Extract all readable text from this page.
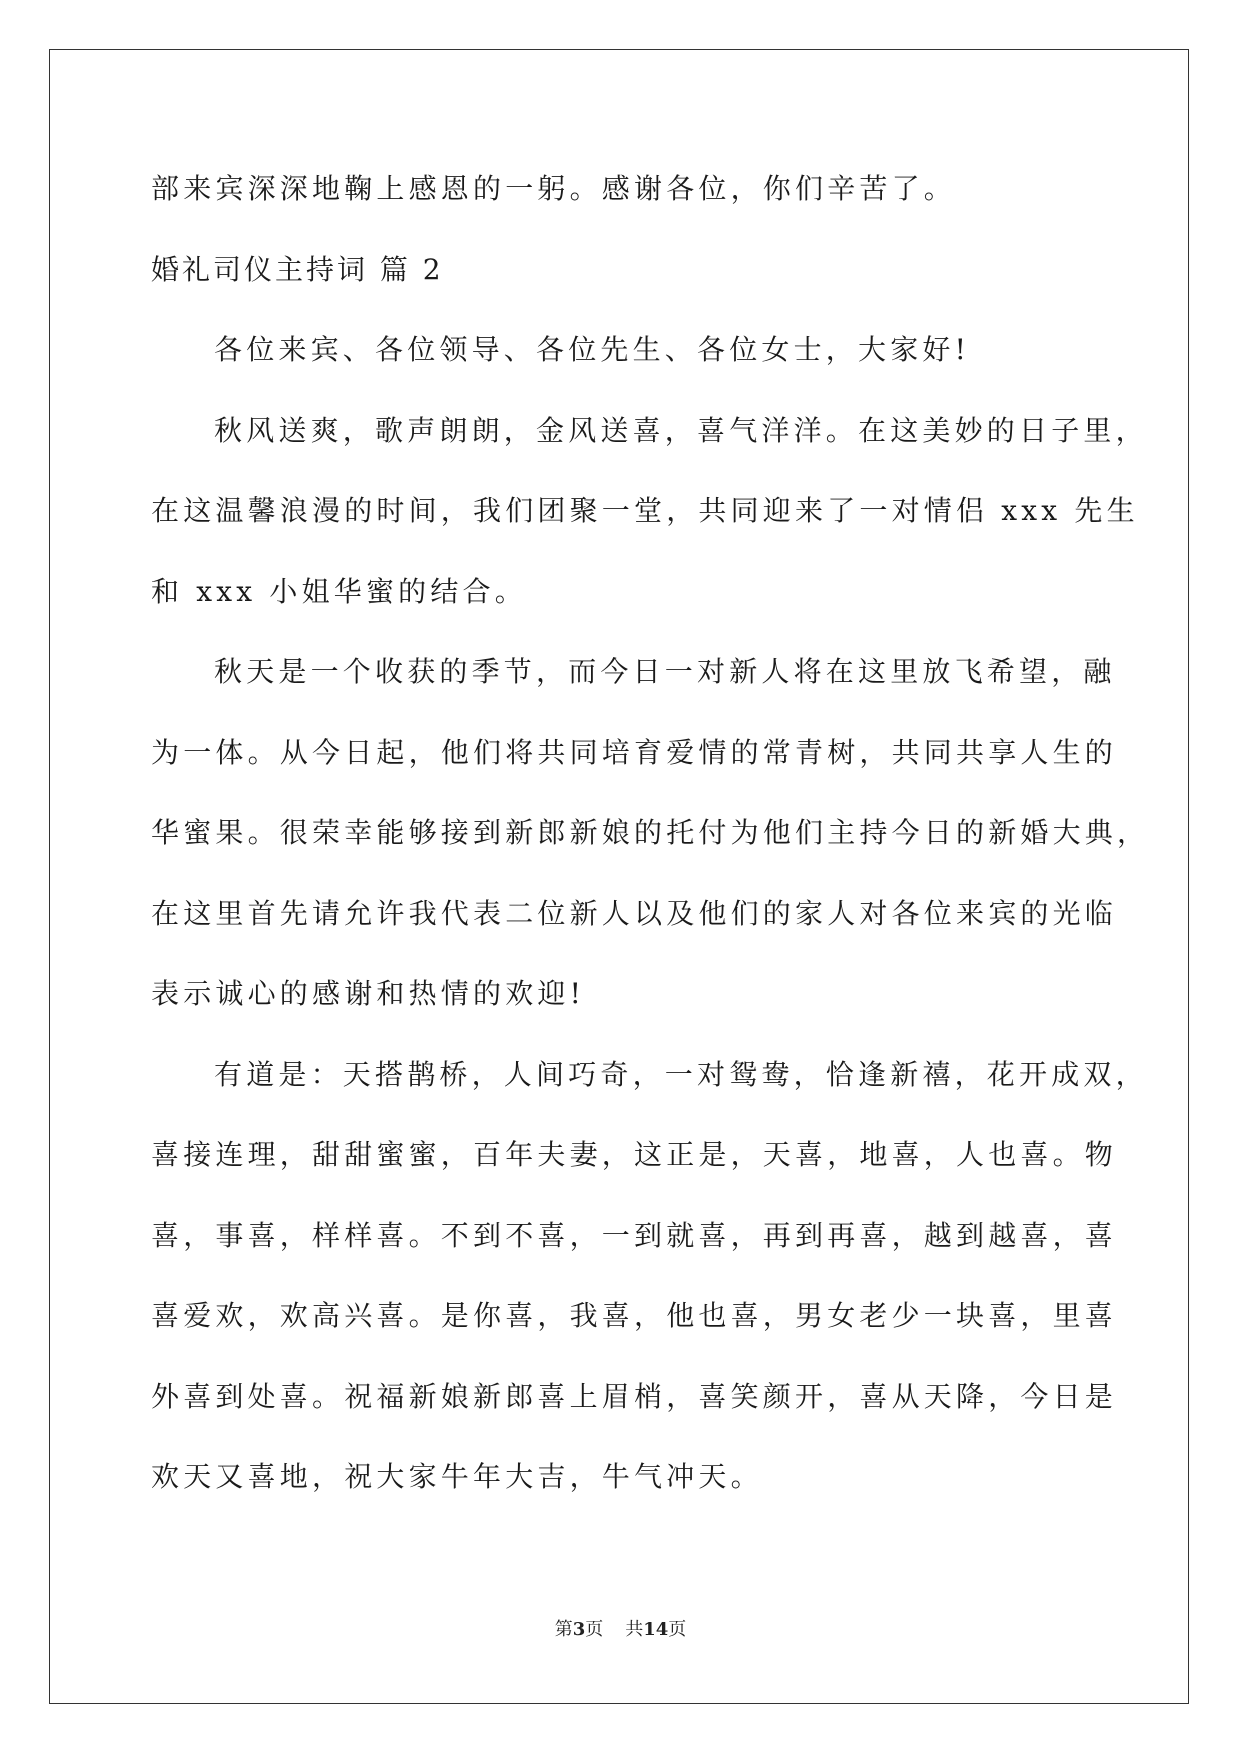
部来宾深深地鞠上感恩的一躬。感谢各位，你们辛苦了。
婚礼司仪主持词 篇 2
各位来宾、各位领导、各位先生、各位女士，大家好!
秋风送爽，歌声朗朗，金风送喜，喜气洋洋。在这美妙的日子里，
在这温馨浪漫的时间，我们团聚一堂，共同迎来了一对情侣 xxx 先生
和 xxx 小姐华蜜的结合。
秋天是一个收获的季节，而今日一对新人将在这里放飞希望，融
为一体。从今日起，他们将共同培育爱情的常青树，共同共享人生的
华蜜果。很荣幸能够接到新郎新娘的托付为他们主持今日的新婚大典，
在这里首先请允许我代表二位新人以及他们的家人对各位来宾的光临
表示诚心的感谢和热情的欢迎!
有道是：天搭鹊桥，人间巧奇，一对鸳鸯，恰逢新禧，花开成双，
喜接连理，甜甜蜜蜜，百年夫妻，这正是，天喜，地喜，人也喜。物
喜，事喜，样样喜。不到不喜，一到就喜，再到再喜，越到越喜，喜
喜爱欢，欢高兴喜。是你喜，我喜，他也喜，男女老少一块喜，里喜
外喜到处喜。祝福新娘新郎喜上眉梢，喜笑颜开，喜从天降，今日是
欢天又喜地，祝大家牛年大吉，牛气冲天。
第3页 共14页
